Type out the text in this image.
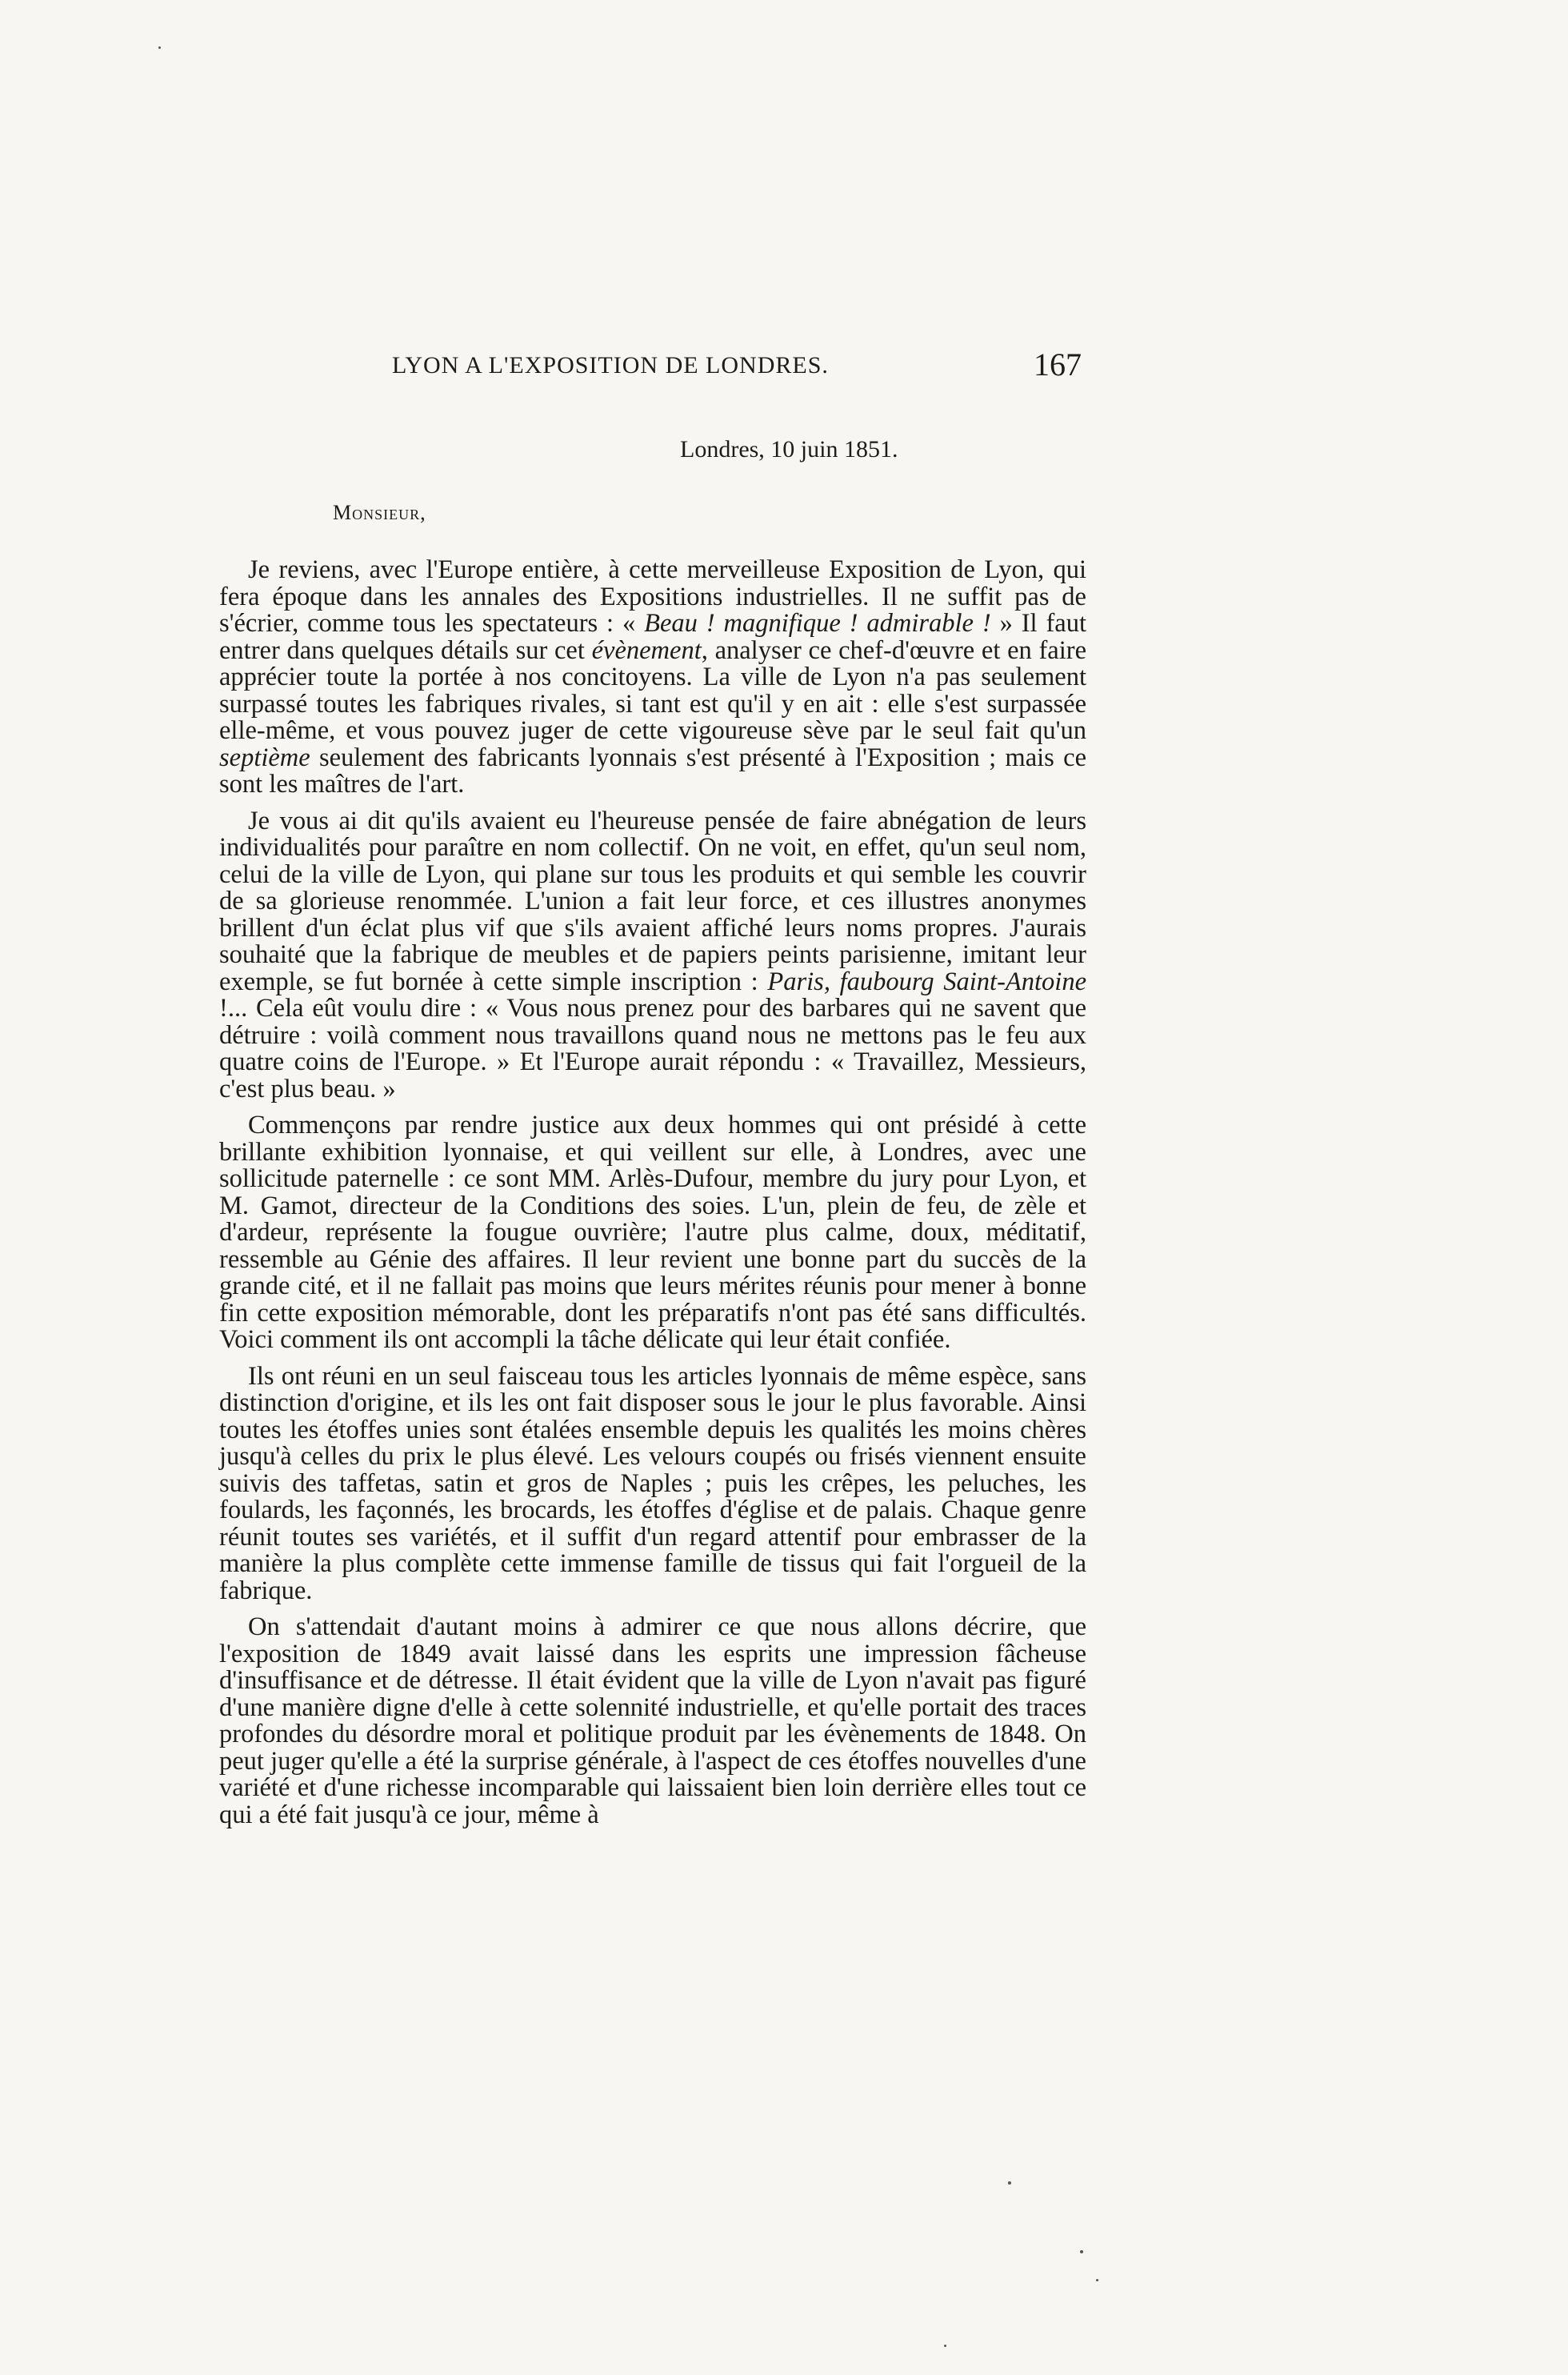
LYON A L'EXPOSITION DE LONDRES.	167
Londres, 10 juin 1851.
Monsieur,

Je reviens, avec l'Europe entière, à cette merveilleuse Exposition de Lyon, qui fera époque dans les annales des Expositions industrielles. Il ne suffit pas de s'écrier, comme tous les spectateurs : « Beau ! magnifique ! admirable ! » Il faut entrer dans quelques détails sur cet évènement, analyser ce chef-d'œuvre et en faire apprécier toute la portée à nos concitoyens. La ville de Lyon n'a pas seulement surpassé toutes les fabriques rivales, si tant est qu'il y en ait : elle s'est surpassée elle-même, et vous pouvez juger de cette vigoureuse sève par le seul fait qu'un septième seulement des fabricants lyonnais s'est présenté à l'Exposition ; mais ce sont les maîtres de l'art.

Je vous ai dit qu'ils avaient eu l'heureuse pensée de faire abnégation de leurs individualités pour paraître en nom collectif. On ne voit, en effet, qu'un seul nom, celui de la ville de Lyon, qui plane sur tous les produits et qui semble les couvrir de sa glorieuse renommée. L'union a fait leur force, et ces illustres anonymes brillent d'un éclat plus vif que s'ils avaient affiché leurs noms propres. J'aurais souhaité que la fabrique de meubles et de papiers peints parisienne, imitant leur exemple, se fut bornée à cette simple inscription : Paris, faubourg Saint-Antoine !... Cela eût voulu dire : « Vous nous prenez pour des barbares qui ne savent que détruire : voilà comment nous travaillons quand nous ne mettons pas le feu aux quatre coins de l'Europe. » Et l'Europe aurait répondu : « Travaillez, Messieurs, c'est plus beau. »

Commençons par rendre justice aux deux hommes qui ont présidé à cette brillante exhibition lyonnaise, et qui veillent sur elle, à Londres, avec une sollicitude paternelle : ce sont MM. Arlès-Dufour, membre du jury pour Lyon, et M. Gamot, directeur de la Conditions des soies. L'un, plein de feu, de zèle et d'ardeur, représente la fougue ouvrière; l'autre plus calme, doux, méditatif, ressemble au Génie des affaires. Il leur revient une bonne part du succès de la grande cité, et il ne fallait pas moins que leurs mérites réunis pour mener à bonne fin cette exposition mémorable, dont les préparatifs n'ont pas été sans difficultés. Voici comment ils ont accompli la tâche délicate qui leur était confiée.

Ils ont réuni en un seul faisceau tous les articles lyonnais de même espèce, sans distinction d'origine, et ils les ont fait disposer sous le jour le plus favorable. Ainsi toutes les étoffes unies sont étalées ensemble depuis les qualités les moins chères jusqu'à celles du prix le plus élevé. Les velours coupés ou frisés viennent ensuite suivis des taffetas, satin et gros de Naples ; puis les crêpes, les peluches, les foulards, les façonnés, les brocards, les étoffes d'église et de palais. Chaque genre réunit toutes ses variétés, et il suffit d'un regard attentif pour embrasser de la manière la plus complète cette immense famille de tissus qui fait l'orgueil de la fabrique.

On s'attendait d'autant moins à admirer ce que nous allons décrire, que l'exposition de 1849 avait laissé dans les esprits une impression fâcheuse d'insuffisance et de détresse. Il était évident que la ville de Lyon n'avait pas figuré d'une manière digne d'elle à cette solennité industrielle, et qu'elle portait des traces profondes du désordre moral et politique produit par les évènements de 1848. On peut juger qu'elle a été la surprise générale, à l'aspect de ces étoffes nouvelles d'une variété et d'une richesse incomparable qui laissaient bien loin derrière elles tout ce qui a été fait jusqu'à ce jour, même à
